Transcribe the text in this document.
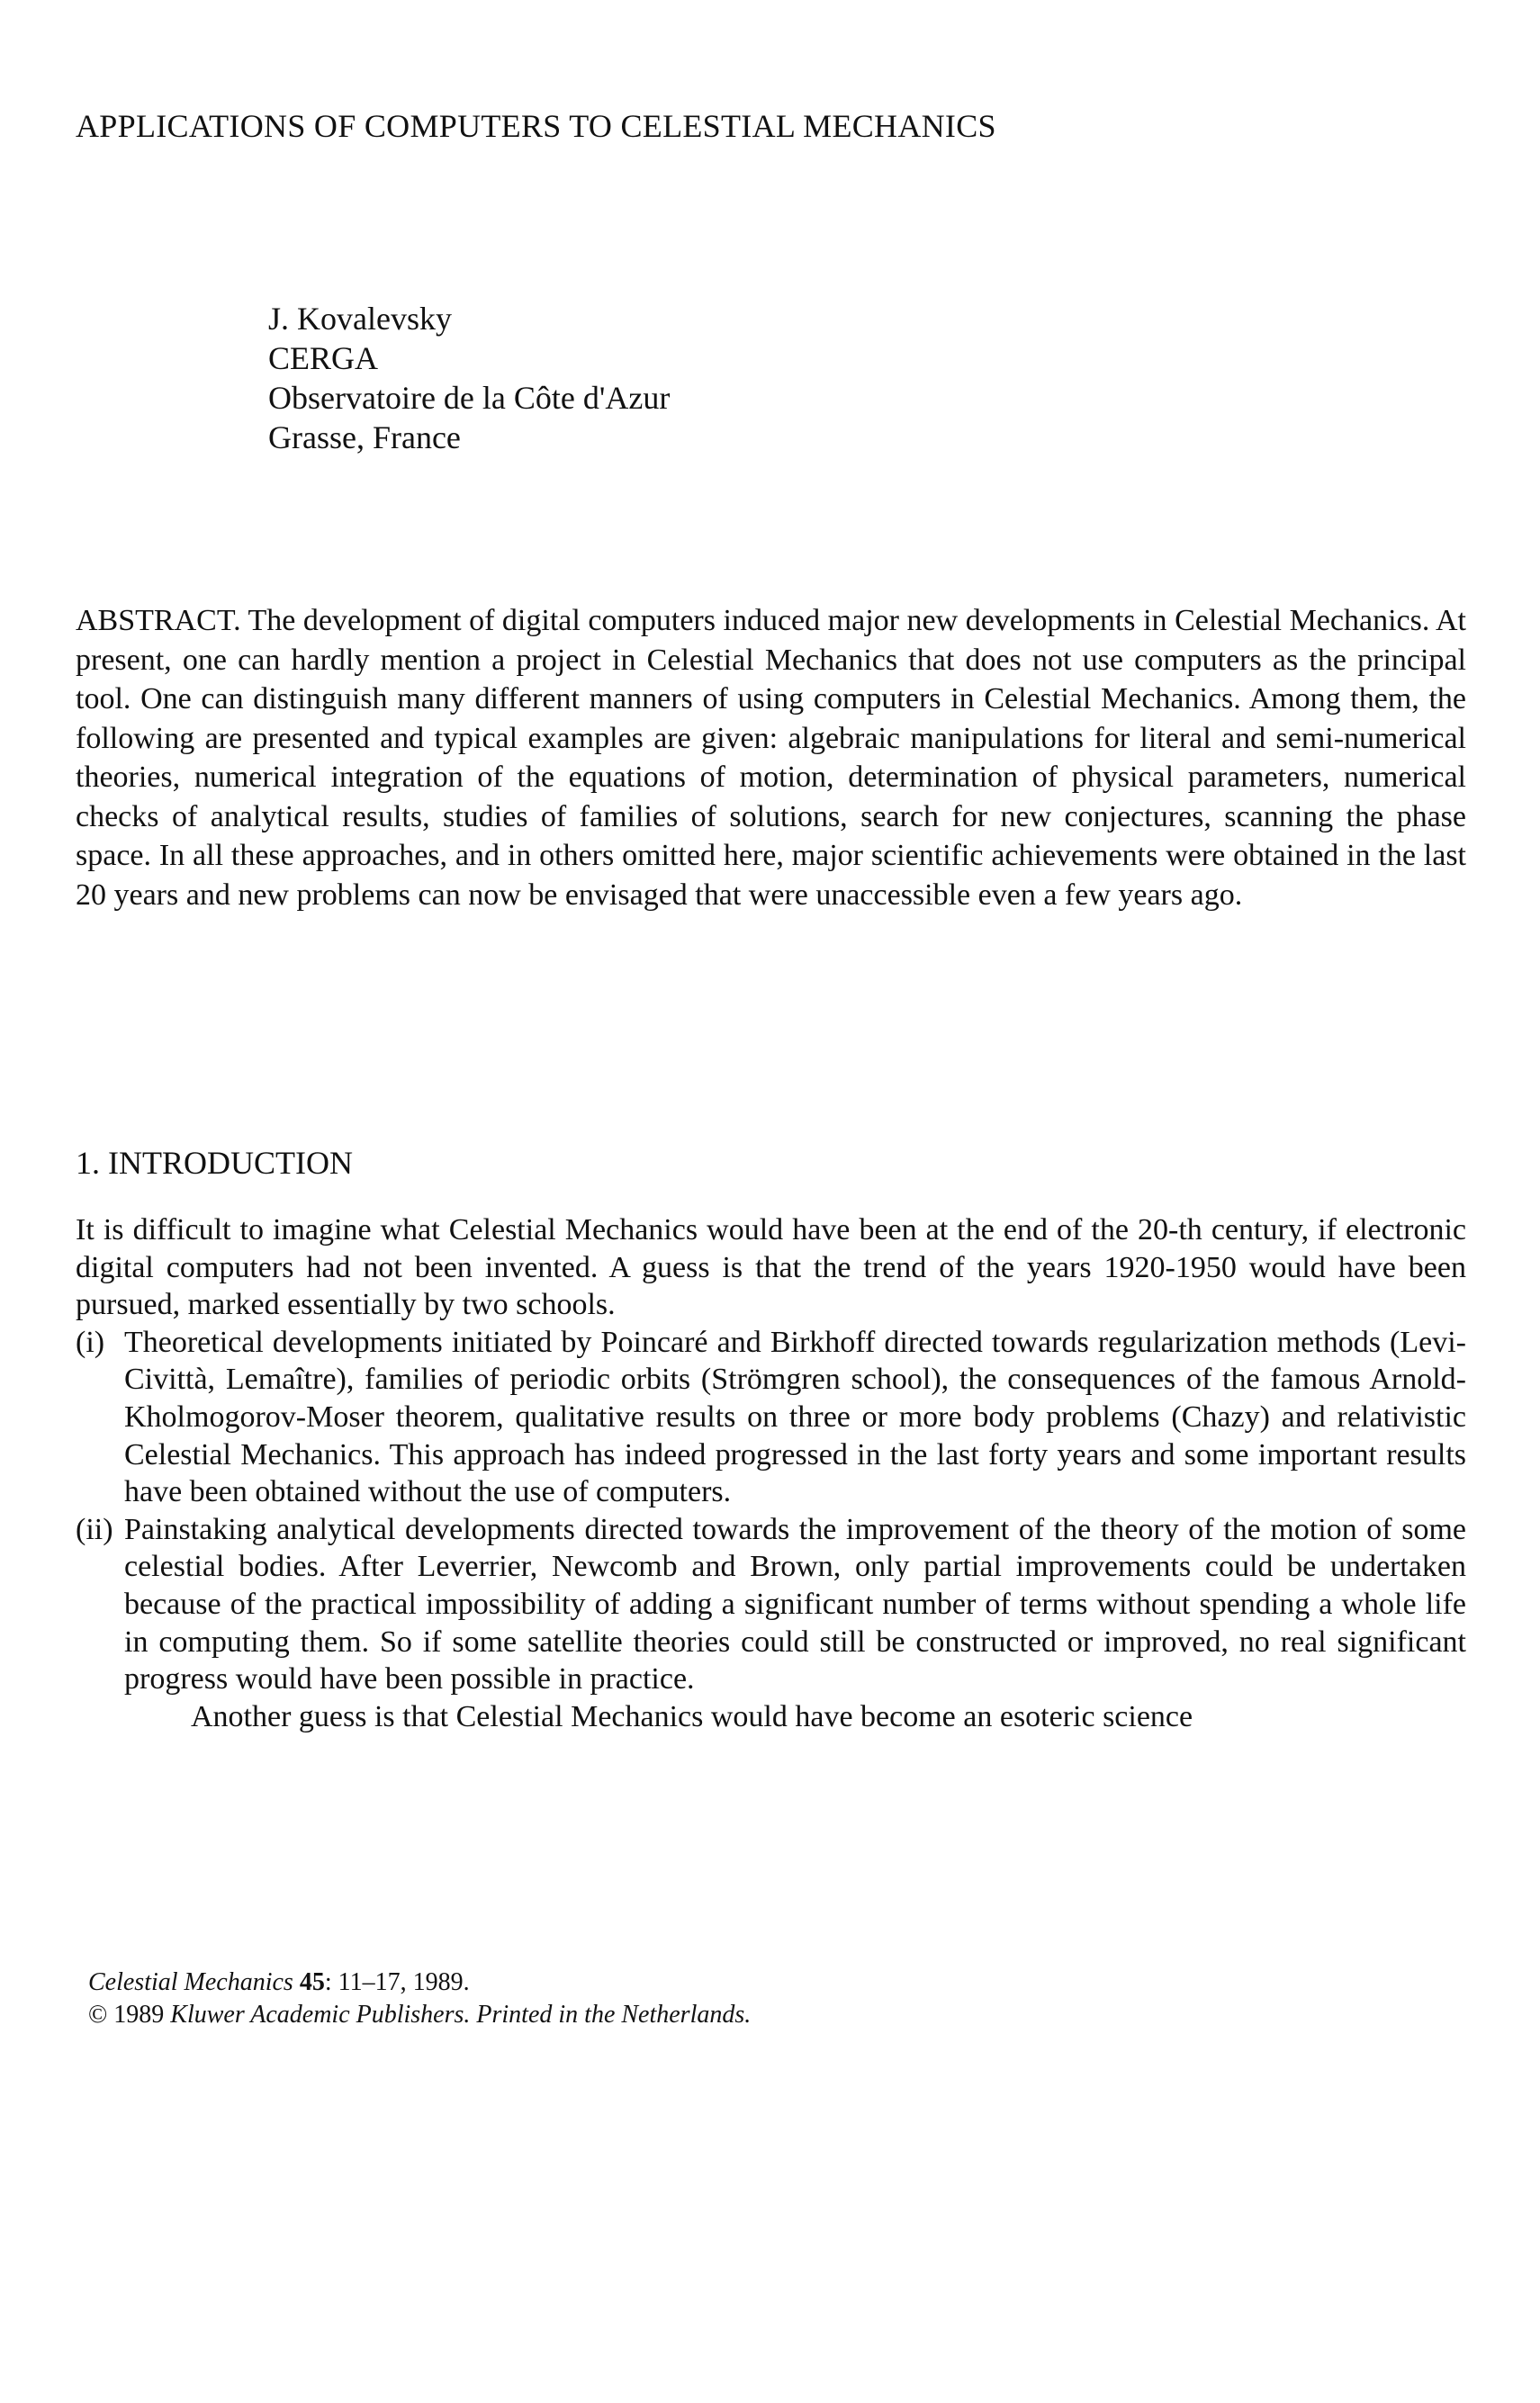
APPLICATIONS OF COMPUTERS TO CELESTIAL MECHANICS
J. Kovalevsky
CERGA
Observatoire de la Côte d'Azur
Grasse, France
ABSTRACT. The development of digital computers induced major new developments in Celestial Mechanics. At present, one can hardly mention a project in Celestial Mechanics that does not use computers as the principal tool. One can distinguish many different manners of using computers in Celestial Mechanics. Among them, the following are presented and typical examples are given: algebraic manipulations for literal and semi-numerical theories, numerical integration of the equations of motion, determination of physical parameters, numerical checks of analytical results, studies of families of solutions, search for new conjectures, scanning the phase space. In all these approaches, and in others omitted here, major scientific achievements were obtained in the last 20 years and new problems can now be envisaged that were unaccessible even a few years ago.
1. INTRODUCTION

It is difficult to imagine what Celestial Mechanics would have been at the end of the 20-th century, if electronic digital computers had not been invented. A guess is that the trend of the years 1920-1950 would have been pursued, marked essentially by two schools.

(i) Theoretical developments initiated by Poincaré and Birkhoff directed towards regularization methods (Levi-Civittà, Lemaître), families of periodic orbits (Strömgren school), the consequences of the famous Arnold-Kholmogorov-Moser theorem, qualitative results on three or more body problems (Chazy) and relativistic Celestial Mechanics. This approach has indeed progressed in the last forty years and some important results have been obtained without the use of computers.
(ii) Painstaking analytical developments directed towards the improvement of the theory of the motion of some celestial bodies. After Leverrier, Newcomb and Brown, only partial improvements could be undertaken because of the practical impossibility of adding a significant number of terms without spending a whole life in computing them. So if some satellite theories could still be constructed or improved, no real significant progress would have been possible in practice.

Another guess is that Celestial Mechanics would have become an esoteric science

Celestial Mechanics 45: 11–17, 1989.
© 1989 Kluwer Academic Publishers. Printed in the Netherlands.
